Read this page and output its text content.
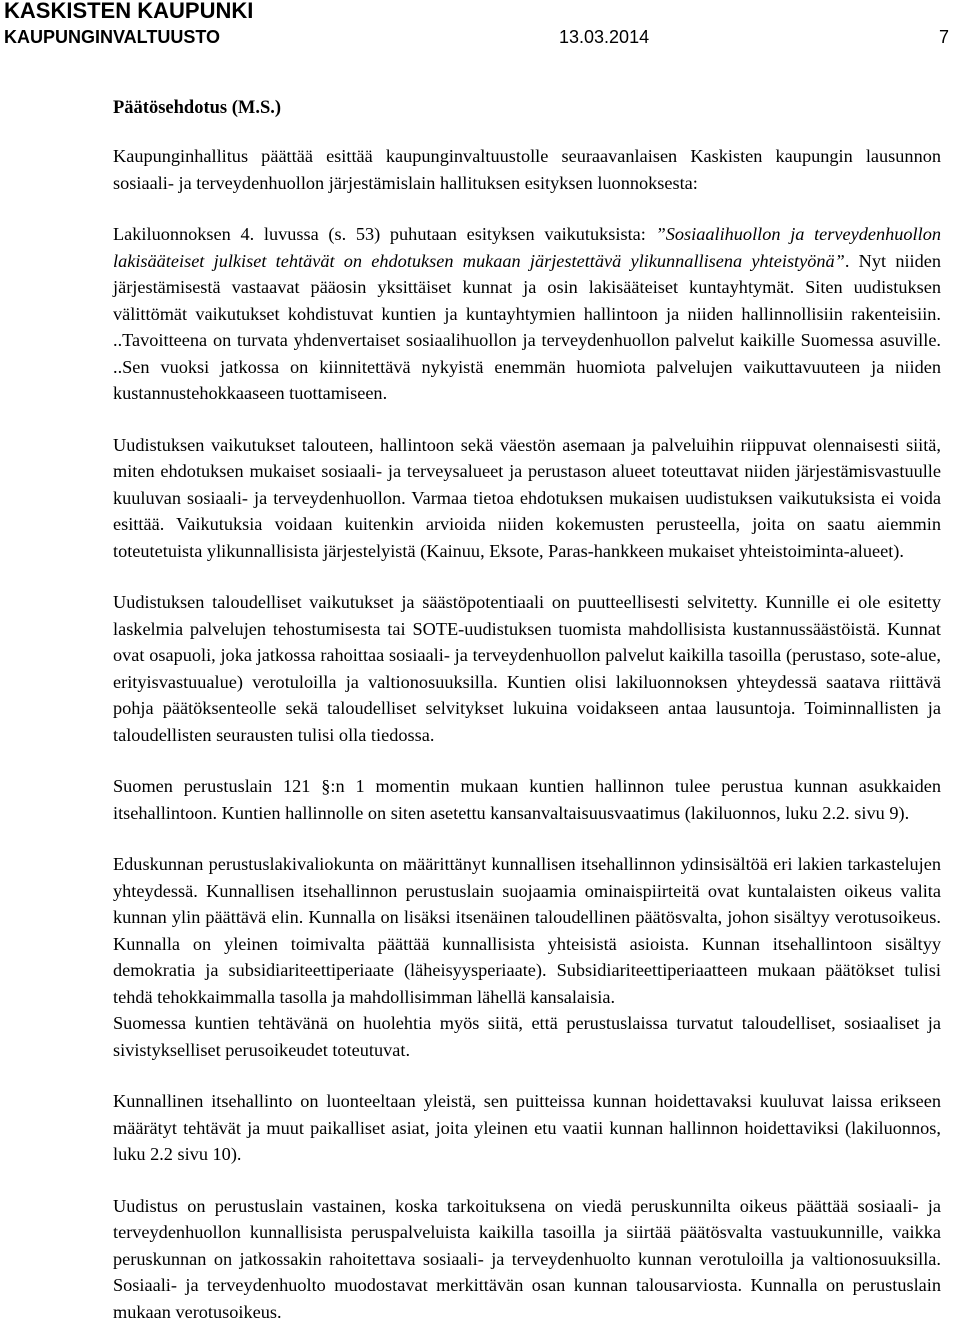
KASKISTEN KAUPUNKI
KAUPUNGINVALTUUSTO	13.03.2014	7
Päätösehdotus (M.S.)

Kaupunginhallitus päättää esittää kaupunginvaltuustolle seuraavanlaisen Kaskisten kaupungin lausunnon sosiaali- ja terveydenhuollon järjestämislain hallituksen esityksen luonnoksesta:

Lakiluonnoksen 4. luvussa (s. 53) puhutaan esityksen vaikutuksista: ”Sosiaalihuollon ja terveydenhuollon lakisääteiset julkiset tehtävät on ehdotuksen mukaan järjestettävä ylikunnallisena yhteistyönä”. Nyt niiden järjestämisestä vastaavat pääosin yksittäiset kunnat ja osin lakisääteiset kuntayhtymät. Siten uudistuksen välittömät vaikutukset kohdistuvat kuntien ja kuntayhtymien hallintoon ja niiden hallinnollisiin rakenteisiin. ..Tavoitteena on turvata yhdenvertaiset sosiaalihuollon ja terveydenhuollon palvelut kaikille Suomessa asuville. ..Sen vuoksi jatkossa on kiinnitettävä nykyistä enemmän huomiota palvelujen vaikuttavuuteen ja niiden kustannustehokkaaseen tuottamiseen.

Uudistuksen vaikutukset talouteen, hallintoon sekä väestön asemaan ja palveluihin riippuvat olennaisesti siitä, miten ehdotuksen mukaiset sosiaali- ja terveysalueet ja perustason alueet toteuttavat niiden järjestämisvastuulle kuuluvan sosiaali- ja terveydenhuollon. Varmaa tietoa ehdotuksen mukaisen uudistuksen vaikutuksista ei voida esittää. Vaikutuksia voidaan kuitenkin arvioida niiden kokemusten perusteella, joita on saatu aiemmin toteutetuista ylikunnallisista järjestelyistä (Kainuu, Eksote, Paras-hankkeen mukaiset yhteistoiminta-alueet).

Uudistuksen taloudelliset vaikutukset ja säästöpotentiaali on puutteellisesti selvitetty. Kunnille ei ole esitetty laskelmia palvelujen tehostumisesta tai SOTE-uudistuksen tuomista mahdollisista kustannussäästöistä. Kunnat ovat osapuoli, joka jatkossa rahoittaa sosiaali- ja terveydenhuollon palvelut kaikilla tasoilla (perustaso, sote-alue, erityisvastuualue) verotuloilla ja valtionosuuksilla. Kuntien olisi lakiluonnoksen yhteydessä saatava riittävä pohja päätöksenteolle sekä taloudelliset selvitykset lukuina voidakseen antaa lausuntoja. Toiminnallisten ja taloudellisten seurausten tulisi olla tiedossa.

Suomen perustuslain 121 §:n 1 momentin mukaan kuntien hallinnon tulee perustua kunnan asukkaiden itsehallintoon. Kuntien hallinnolle on siten asetettu kansanvaltaisuusvaatimus (lakiluonnos, luku 2.2. sivu 9).

Eduskunnan perustuslakivaliokunta on määrittänyt kunnallisen itsehallinnon ydinsisältöä eri lakien tarkastelujen yhteydessä. Kunnallisen itsehallinnon perustuslain suojaamia ominaispiirteitä ovat kuntalaisten oikeus valita kunnan ylin päättävä elin. Kunnalla on lisäksi itsenäinen taloudellinen päätösvalta, johon sisältyy verotusoikeus. Kunnalla on yleinen toimivalta päättää kunnallisista yhteisistä asioista. Kunnan itsehallintoon sisältyy demokratia ja subsidiariteettiperiaate (läheisyysperiaate). Subsidiariteettiperiaatteen mukaan päätökset tulisi tehdä tehokkaimmalla tasolla ja mahdollisimman lähellä kansalaisia.

Suomessa kuntien tehtävänä on huolehtia myös siitä, että perustuslaissa turvatut taloudelliset, sosiaaliset ja sivistykselliset perusoikeudet toteutuvat.

Kunnallinen itsehallinto on luonteeltaan yleistä, sen puitteissa kunnan hoidettavaksi kuuluvat laissa erikseen määrätyt tehtävät ja muut paikalliset asiat, joita yleinen etu vaatii kunnan hallinnon hoidettaviksi (lakiluonnos, luku 2.2 sivu 10).

Uudistus on perustuslain vastainen, koska tarkoituksena on viedä peruskunnilta oikeus päättää sosiaali- ja terveydenhuollon kunnallisista peruspalveluista kaikilla tasoilla ja siirtää päätösvalta vastuukunnille, vaikka peruskunnan on jatkossakin rahoitettava sosiaali- ja terveydenhuolto kunnan verotuloilla ja valtionosuuksilla. Sosiaali- ja terveydenhuolto muodostavat merkittävän osan kunnan talousarviosta. Kunnalla on perustuslain mukaan verotusoikeus.
